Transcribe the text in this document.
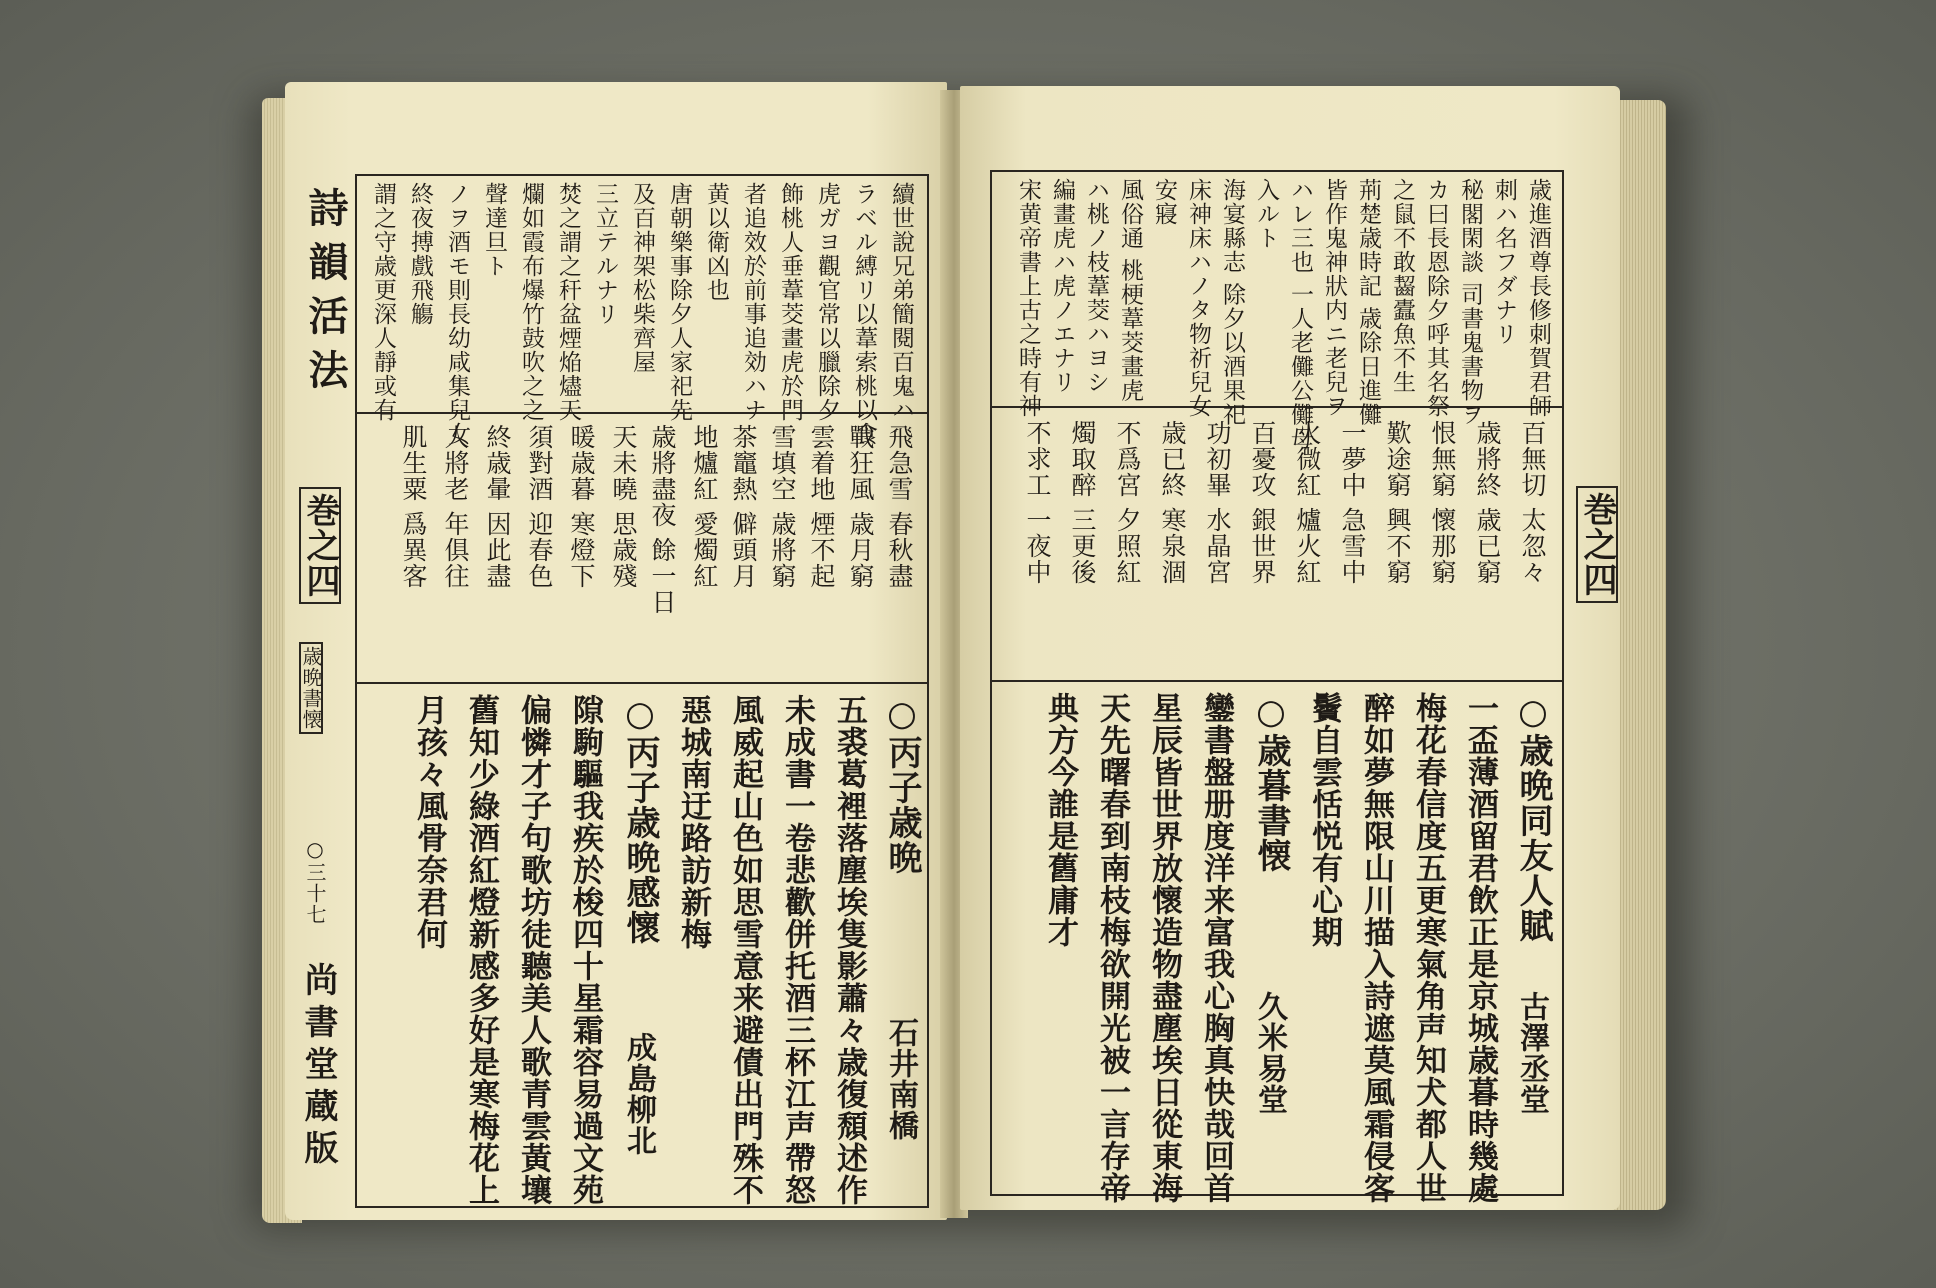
詩韻活法
巻之四
歳晩書懐
○三十七
尚書堂蔵版
續世說兄弟簡閱百鬼ハ
ラベル縛リ以葦索桃以食
虎ガヨ觀官常以臘除夕
飾桃人垂葦茭畫虎於門
者追效於前事追効ハナ
黄以衛凶也
唐朝樂事除夕人家祀先
及百神架松柴齊屋
三立テルナリ
焚之謂之秆盆煙焔燼天
爛如霞布爆竹鼓吹之之
聲達旦ト
ノヲ酒モ則長幼咸集兒女
終夜搏戲飛觴
謂之守歳更深人靜或有
飛急雪 春秋盡
戰狂風 歳月窮
雲着地 煙不起
雪填空 歳將窮
茶竈熱 僻頭月
地爐紅 愛燭紅
歳將盡夜 餘一日
天未曉 思歳殘
暖歳暮 寒燈下
須對酒 迎春色
終歳暈 因此盡
人將老 年俱往
肌生粟 爲異客
○丙子歳晩
石井南橋
五裘葛裡落塵埃隻影蕭々歳復頹述作
未成書一卷悲歡併托酒三杯江声帶怒
風威起山色如思雪意来避債出門殊不
惡城南迂路訪新梅
○丙子歳晩感懷
成島柳北
隙駒驅我疾於梭四十星霜容易過文苑
偏憐才子句歌坊徒聽美人歌青雲黃壤
舊知少綠酒紅燈新感多好是寒梅花上
月孩々風骨奈君何
巻之四
歳進酒尊長修刺賀君師
刺ハ名フダナリ
秘閣閑談 司書鬼書物ヲ
カ曰長恩除夕呼其名祭
之鼠不敢齧蠹魚不生
荊楚歳時記 歳除日進儺
皆作鬼神狀内ニ老兒ヲ
ハレ三也 一人老儺公儺母
入ルト
海宴縣志 除夕以酒果祀
床神床ハノタ物祈兒女
安寢
風俗通 桃梗葦茭畫虎
ハ桃ノ枝葦茭ハヨシ
編畫虎ハ虎ノエナリ
宋黄帝書上古之時有神
百無切 太忽々
歳將終 歳已窮
恨無窮 懷那窮
歎途窮 興不窮
一夢中 急雪中
火微紅 爐火紅
百憂攻 銀世界
功初畢 水晶宮
歳已終 寒泉涸
不爲宮 夕照紅
燭取醉 三更後
不求工 一夜中
○歳晩同友人賦
古澤丞堂
一盃薄酒留君飲正是京城歳暮時幾處
梅花春信度五更寒氣角声知犬都人世
醉如夢無限山川描入詩遮莫風霜侵客
鬢自雲恬悦有心期
○歳暮書懐
久米易堂
鑾書盤册度洋来富我心胸真快哉回首
星辰皆世界放懷造物盡塵埃日從東海
天先曙春到南枝梅欲開光被一言存帝
典方今誰是舊庸才
